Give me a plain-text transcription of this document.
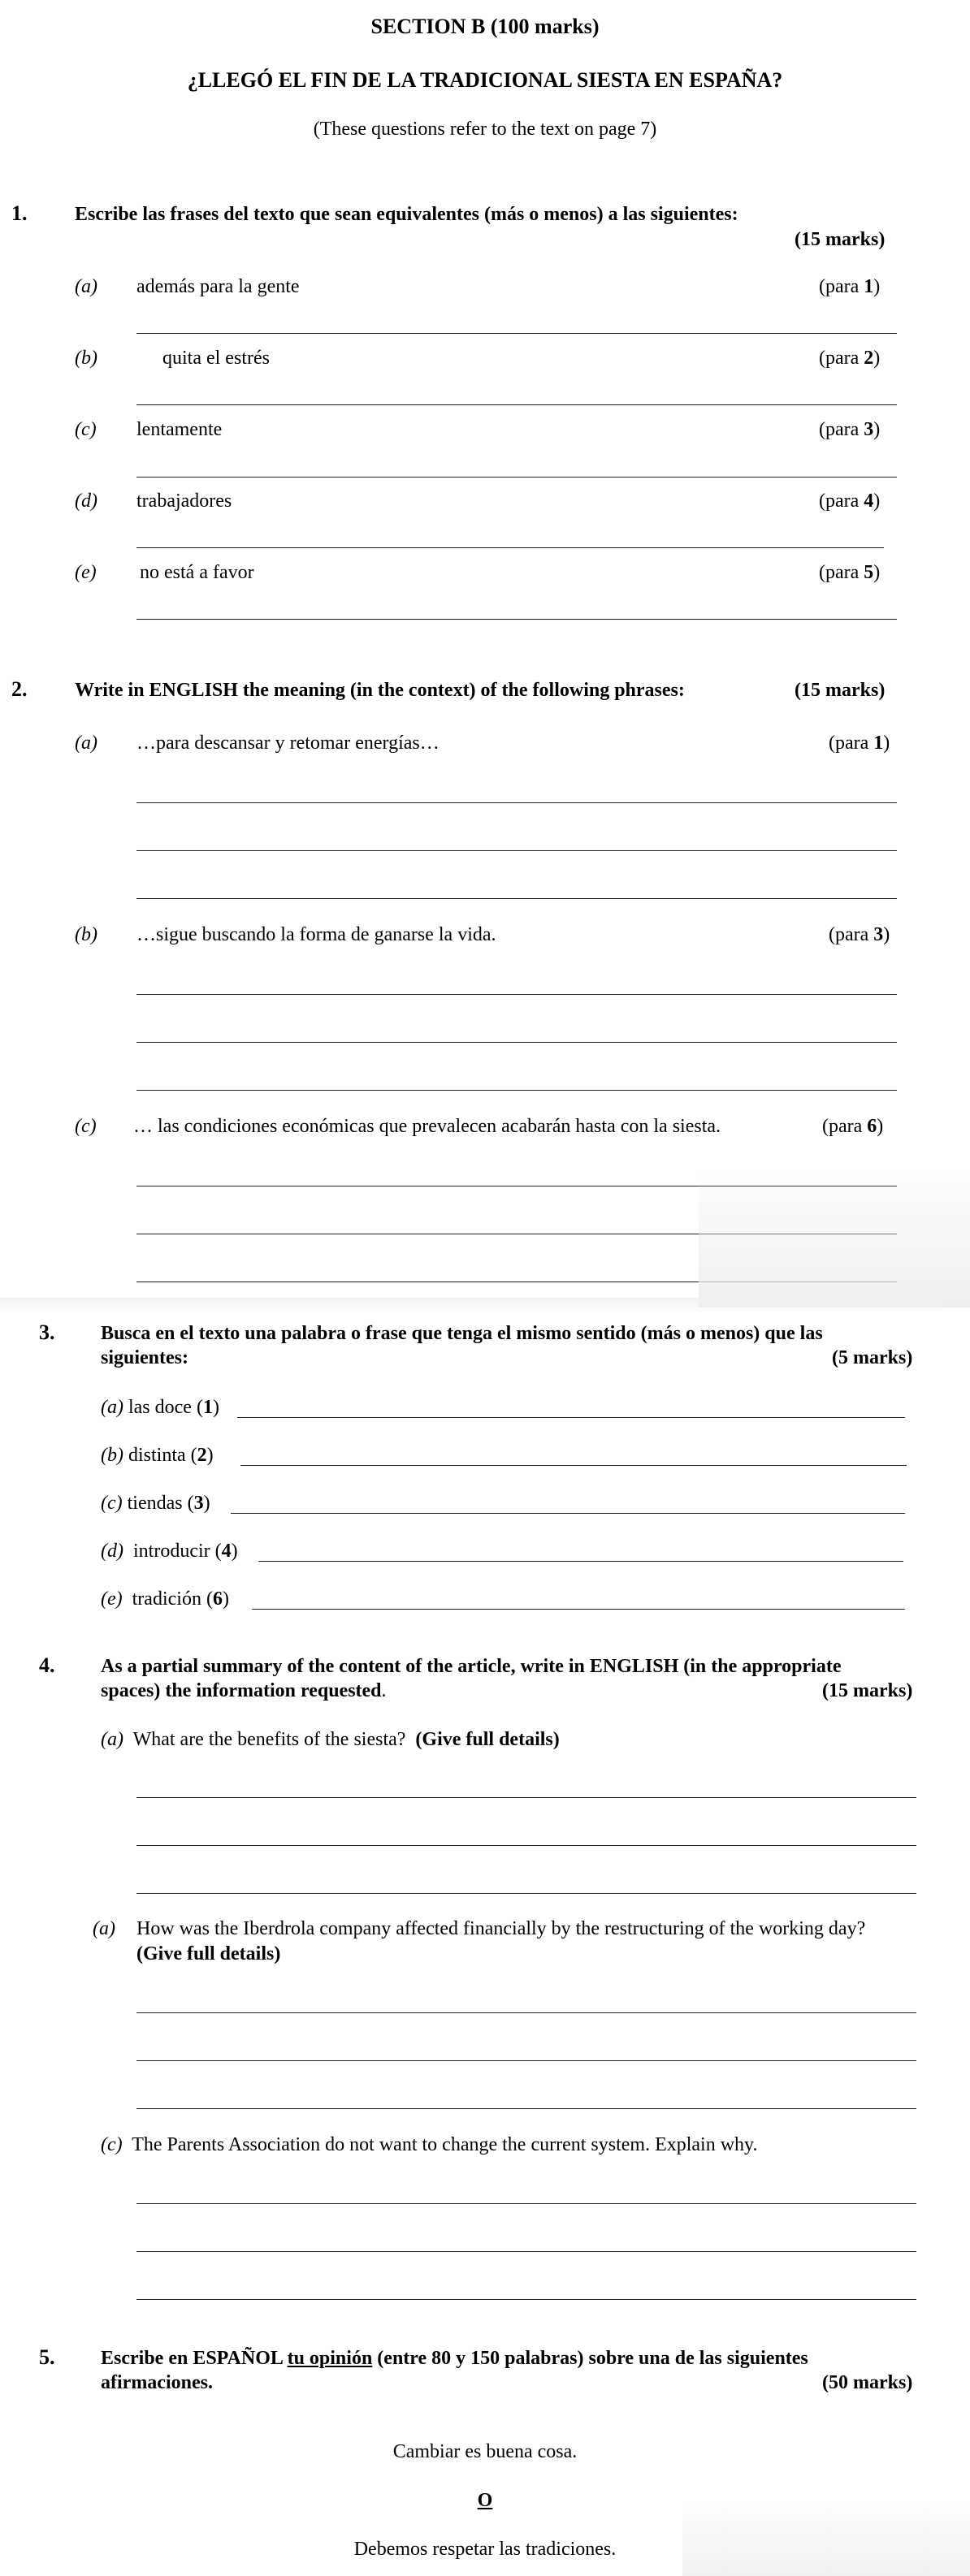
SECTION B (100 marks)
¿LLEGÓ EL FIN DE LA TRADICIONAL SIESTA EN ESPAÑA?
(These questions refer to the text on page 7)
1. Escribe las frases del texto que sean equivalentes (más o menos) a las siguientes:
(15 marks)
(a) además para la gente	(para 1)
(b)	quita el estrés	(para 2)
(c) lentamente	(para 3)
(d) trabajadores	(para 4)
(e) no está a favor	(para 5)
2. Write in ENGLISH the meaning (in the context) of the following phrases:	(15 marks)
(a) …para descansar y retomar energías…	(para 1)
(b) …sigue buscando la forma de ganarse la vida.	(para 3)
(c) … las condiciones económicas que prevalecen acabarán hasta con la siesta.	(para 6)
3. Busca en el texto una palabra o frase que tenga el mismo sentido (más o menos) que las
siguientes:	(5 marks)
(a) las doce (1)
(b) distinta (2)
(c) tiendas (3)
(d) introducir (4)
(e) tradición (6)
4. As a partial summary of the content of the article, write in ENGLISH (in the appropriate
spaces) the information requested.	(15 marks)
(a) What are the benefits of the siesta? (Give full details)
(a) How was the Iberdrola company affected financially by the restructuring of the working day?
(Give full details)
(c) The Parents Association do not want to change the current system. Explain why.
5. Escribe en ESPAÑOL tu opinión (entre 80 y 150 palabras) sobre una de las siguientes
afirmaciones.	(50 marks)
Cambiar es buena cosa.
O
Debemos respetar las tradiciones.
